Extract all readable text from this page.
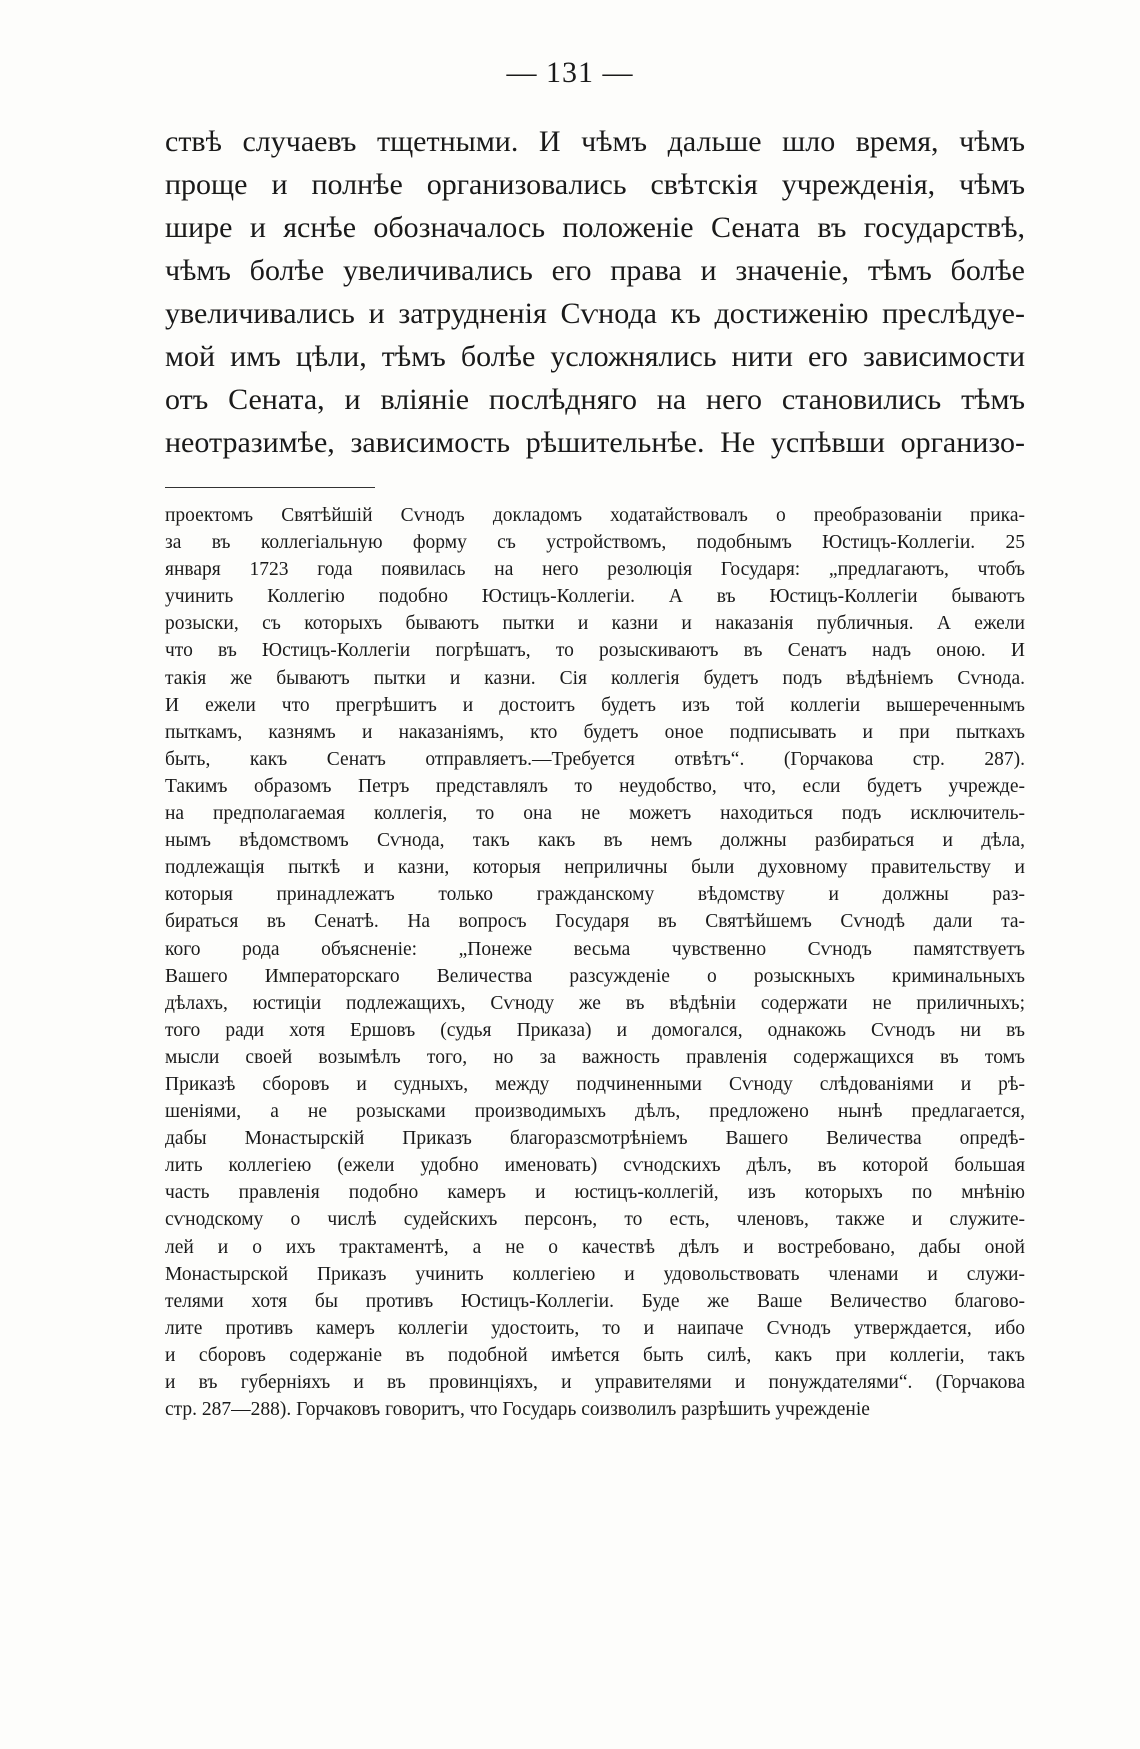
— 131 —
ствѣ случаевъ тщетными. И чѣмъ дальше шло время, чѣмъ
проще и полнѣе организовались свѣтскія учрежденія, чѣмъ
шире и яснѣе обозначалось положеніе Сената въ государствѣ,
чѣмъ болѣе увеличивались его права и значеніе, тѣмъ болѣе
увеличивались и затрудненія Сѵнода къ достиженію преслѣдуе-
мой имъ цѣли, тѣмъ болѣе усложнялись нити его зависимости
отъ Сената, и вліяніе послѣдняго на него становились тѣмъ
неотразимѣе, зависимость рѣшительнѣе. Не успѣвши организо-
проектомъ Святѣйшій Сѵнодъ докладомъ ходатайствовалъ о преобразованіи прика-
за въ коллегіальную форму съ устройствомъ, подобнымъ Юстицъ-Коллегіи. 25
января 1723 года появилась на него резолюція Государя: „предлагаютъ, чтобъ
учинить Коллегію подобно Юстицъ-Коллегіи. А въ Юстицъ-Коллегіи бываютъ
розыски, съ которыхъ бываютъ пытки и казни и наказанія публичныя. А ежели
что въ Юстицъ-Коллегіи погрѣшатъ, то розыскиваютъ въ Сенатъ надъ оною. И
такія же бываютъ пытки и казни. Сія коллегія будетъ подъ вѣдѣніемъ Сѵнода.
И ежели что прегрѣшитъ и достоитъ будетъ изъ той коллегіи вышереченнымъ
пыткамъ, казнямъ и наказаніямъ, кто будетъ оное подписывать и при пыткахъ
быть, какъ Сенатъ отправляетъ.—Требуется отвѣтъ“. (Горчакова стр. 287).
Такимъ образомъ Петръ представлялъ то неудобство, что, если будетъ учрежде-
на предполагаемая коллегія, то она не можетъ находиться подъ исключитель-
нымъ вѣдомствомъ Сѵнода, такъ какъ въ немъ должны разбираться и дѣла,
подлежащія пыткѣ и казни, которыя неприличны были духовному правительству и
которыя принадлежатъ только гражданскому вѣдомству и должны раз-
бираться въ Сенатѣ. На вопросъ Государя въ Святѣйшемъ Сѵнодѣ дали та-
кого рода объясненіе: „Понеже весьма чувственно Сѵнодъ памятствуетъ
Вашего Императорскаго Величества разсужденіе о розыскныхъ криминальныхъ
дѣлахъ, юстиціи подлежащихъ, Сѵноду же въ вѣдѣніи содержати не приличныхъ;
того ради хотя Ершовъ (судья Приказа) и домогался, однакожь Сѵнодъ ни въ
мысли своей возымѣлъ того, но за важность правленія содержащихся въ томъ
Приказѣ сборовъ и судныхъ, между подчиненными Сѵноду слѣдованіями и рѣ-
шеніями, а не розысками производимыхъ дѣлъ, предложено нынѣ предлагается,
дабы Монастырскій Приказъ благоразсмотрѣніемъ Вашего Величества опредѣ-
лить коллегіею (ежели удобно именовать) сѵнодскихъ дѣлъ, въ которой большая
часть правленія подобно камеръ и юстицъ-коллегій, изъ которыхъ по мнѣнію
сѵнодскому о числѣ судейскихъ персонъ, то есть, членовъ, также и служите-
лей и о ихъ трактаментѣ, а не о качествѣ дѣлъ и востребовано, дабы оной
Монастырской Приказъ учинить коллегіею и удовольствовать членами и служи-
телями хотя бы противъ Юстицъ-Коллегіи. Буде же Ваше Величество благово-
лите противъ камеръ коллегіи удостоить, то и наипаче Сѵнодъ утверждается, ибо
и сборовъ содержаніе въ подобной имѣется быть силѣ, какъ при коллегіи, такъ
и въ губерніяхъ и въ провинціяхъ, и управителями и понуждателями“. (Горчакова
стр. 287—288). Горчаковъ говоритъ, что Государь соизволилъ разрѣшить учрежденіе
